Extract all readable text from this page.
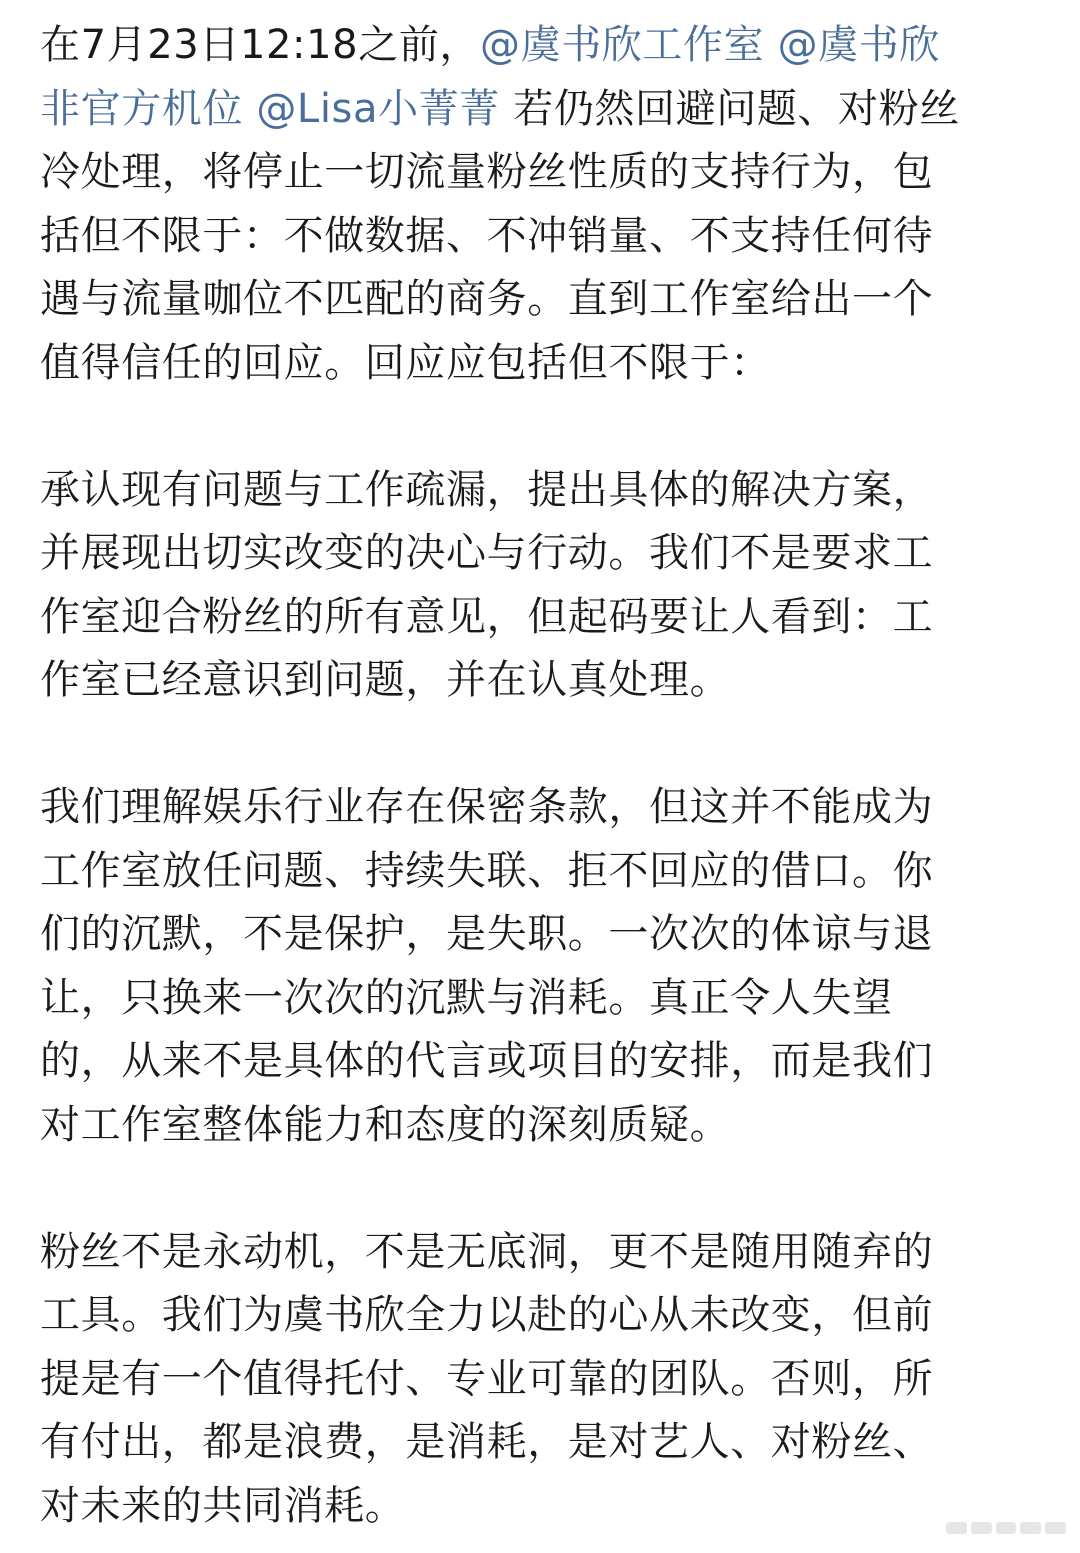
在7月23日12:18之前，@虞书欣工作室 @虞书欣
非官方机位 @Lisa小菁菁 若仍然回避问题、对粉丝
冷处理，将停止一切流量粉丝性质的支持行为，包
括但不限于：不做数据、不冲销量、不支持任何待
遇与流量咖位不匹配的商务。直到工作室给出一个
值得信任的回应。回应应包括但不限于：
承认现有问题与工作疏漏，提出具体的解决方案，
并展现出切实改变的决心与行动。我们不是要求工
作室迎合粉丝的所有意见，但起码要让人看到：工
作室已经意识到问题，并在认真处理。
我们理解娱乐行业存在保密条款，但这并不能成为
工作室放任问题、持续失联、拒不回应的借口。你
们的沉默，不是保护，是失职。一次次的体谅与退
让，只换来一次次的沉默与消耗。真正令人失望
的，从来不是具体的代言或项目的安排，而是我们
对工作室整体能力和态度的深刻质疑。
粉丝不是永动机，不是无底洞，更不是随用随弃的
工具。我们为虞书欣全力以赴的心从未改变，但前
提是有一个值得托付、专业可靠的团队。否则，所
有付出，都是浪费，是消耗，是对艺人、对粉丝、
对未来的共同消耗。
